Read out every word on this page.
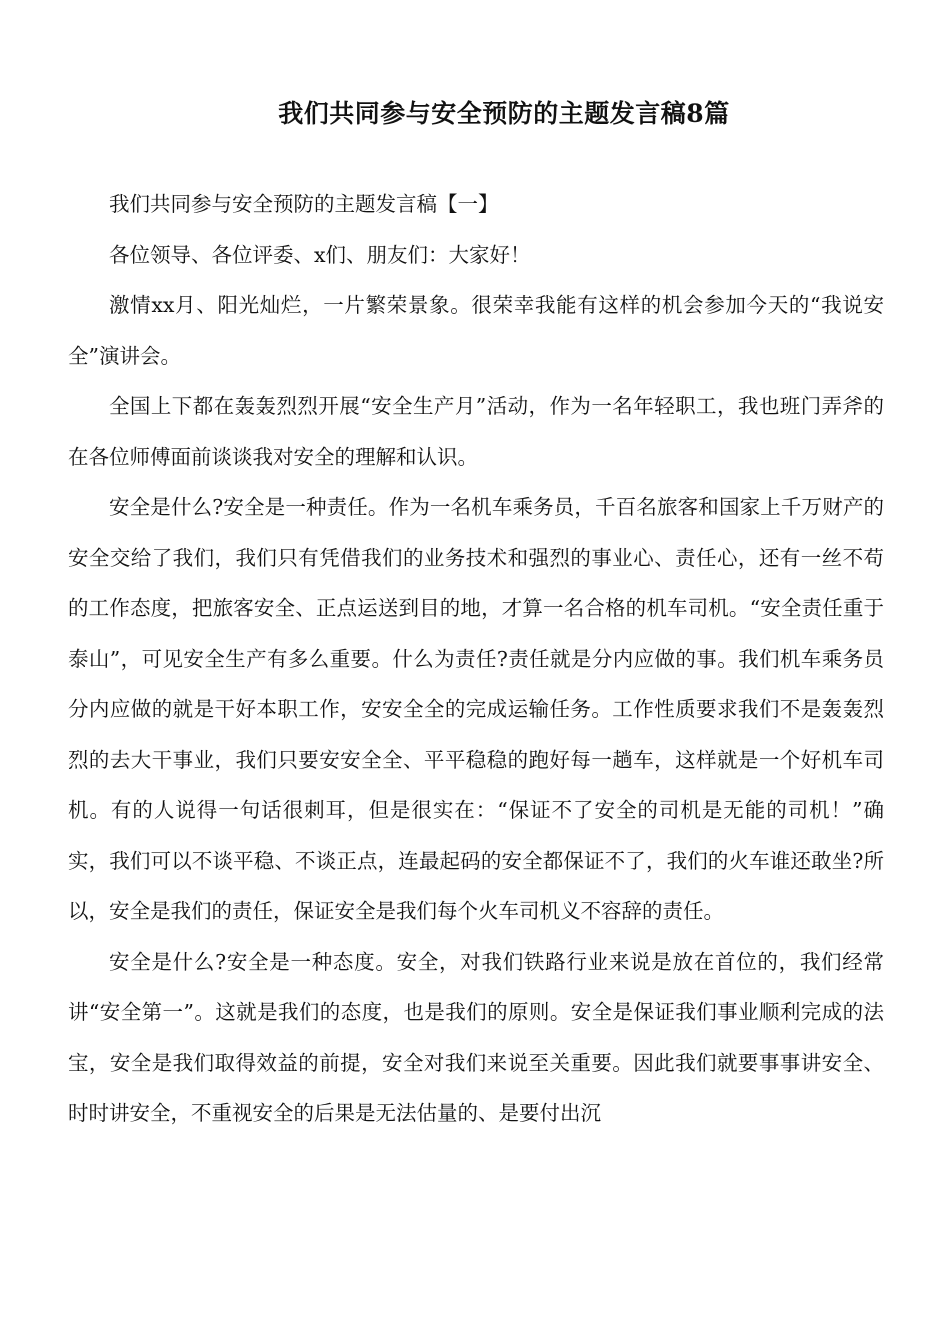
我们共同参与安全预防的主题发言稿8篇

我们共同参与安全预防的主题发言稿【一】

各位领导、各位评委、x们、朋友们：大家好！

激情xx月、阳光灿烂，一片繁荣景象。很荣幸我能有这样的机会参加今天的“我说安全”演讲会。

全国上下都在轰轰烈烈开展“安全生产月”活动，作为一名年轻职工，我也班门弄斧的在各位师傅面前谈谈我对安全的理解和认识。

安全是什么?安全是一种责任。作为一名机车乘务员，千百名旅客和国家上千万财产的安全交给了我们，我们只有凭借我们的业务技术和强烈的事业心、责任心，还有一丝不苟的工作态度，把旅客安全、正点运送到目的地，才算一名合格的机车司机。“安全责任重于泰山”，可见安全生产有多么重要。什么为责任?责任就是分内应做的事。我们机车乘务员分内应做的就是干好本职工作，安安全全的完成运输任务。工作性质要求我们不是轰轰烈烈的去大干事业，我们只要安安全全、平平稳稳的跑好每一趟车，这样就是一个好机车司机。有的人说得一句话很刺耳，但是很实在：“保证不了安全的司机是无能的司机！”确实，我们可以不谈平稳、不谈正点，连最起码的安全都保证不了，我们的火车谁还敢坐?所以，安全是我们的责任，保证安全是我们每个火车司机义不容辞的责任。

安全是什么?安全是一种态度。安全，对我们铁路行业来说是放在首位的，我们经常讲“安全第一”。这就是我们的态度，也是我们的原则。安全是保证我们事业顺利完成的法宝，安全是我们取得效益的前提，安全对我们来说至关重要。因此我们就要事事讲安全、时时讲安全，不重视安全的后果是无法估量的、是要付出沉
